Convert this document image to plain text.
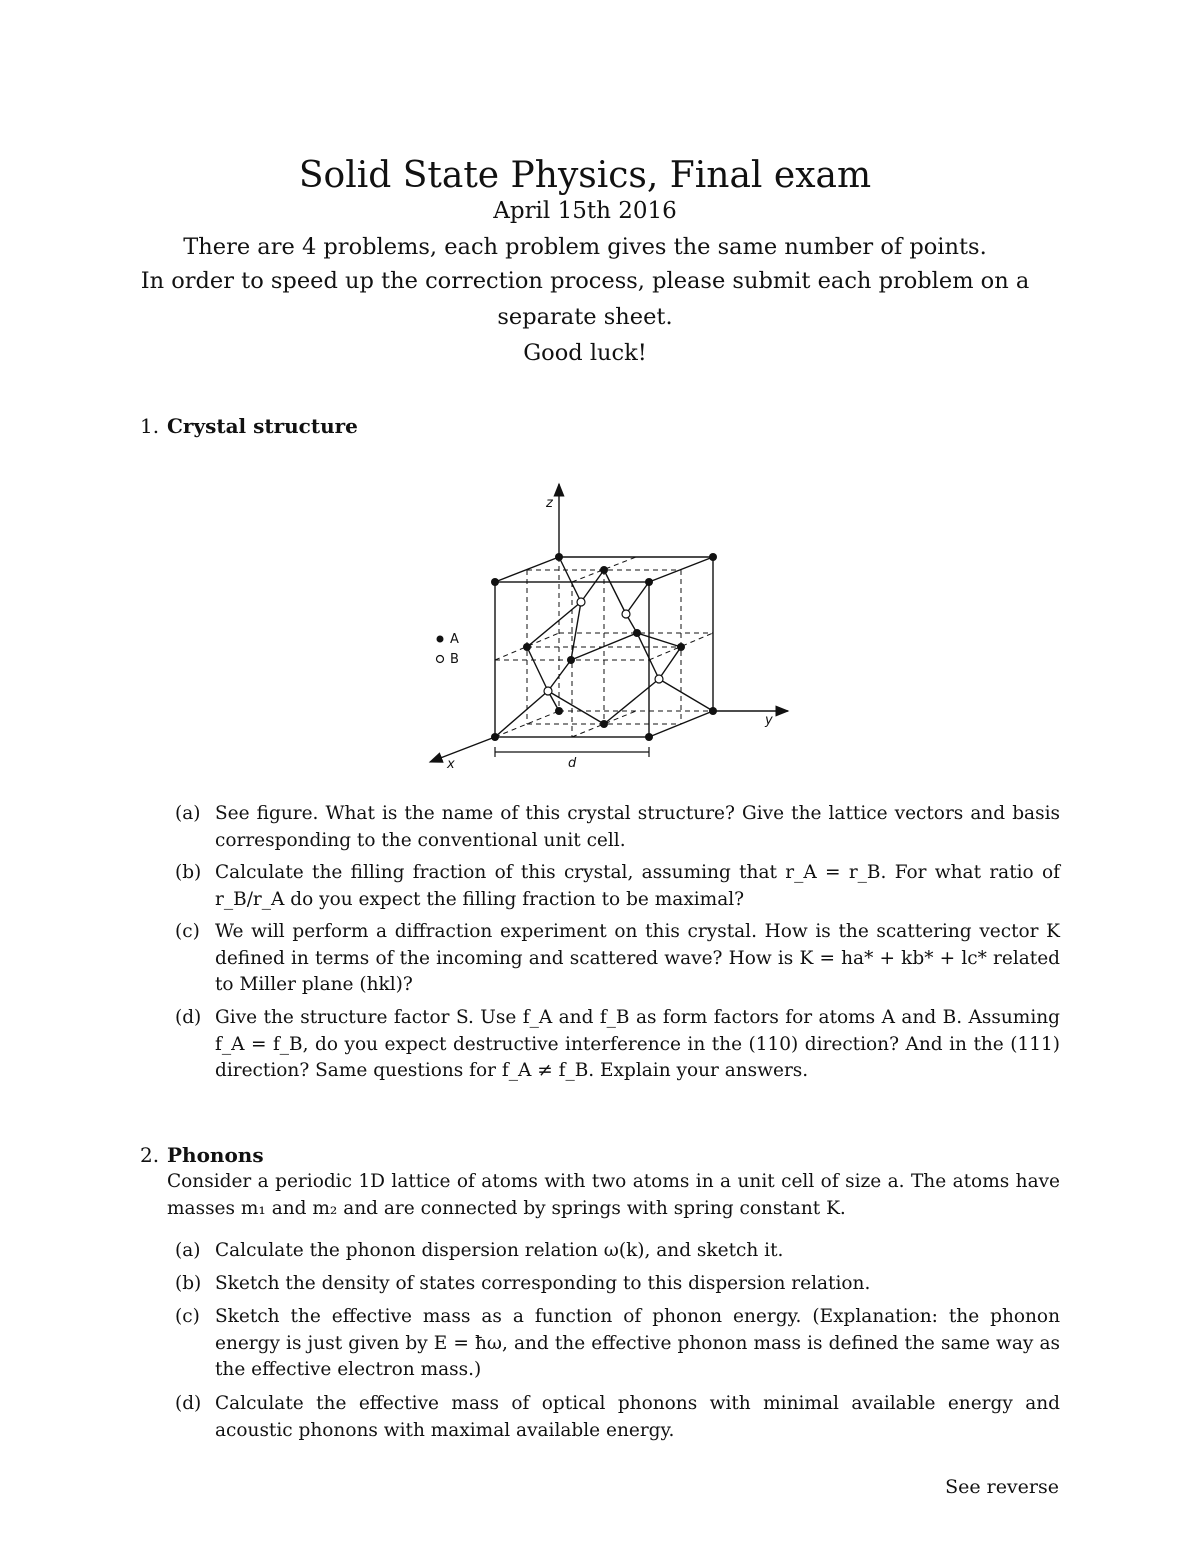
Solid State Physics, Final exam
April 15th 2016
There are 4 problems, each problem gives the same number of points.
In order to speed up the correction process, please submit each problem on a
separate sheet.
Good luck!
1. Crystal structure
A
B
z
y
x	d
(a) See figure. What is the name of this crystal structure? Give the lattice vectors and basis corresponding to the conventional unit cell.
(b) Calculate the filling fraction of this crystal, assuming that r_A = r_B. For what ratio of r_B/r_A do you expect the filling fraction to be maximal?
(c) We will perform a diffraction experiment on this crystal. How is the scattering vector K defined in terms of the incoming and scattered wave? How is K = ha* + kb* + lc* related to Miller plane (hkl)?
(d) Give the structure factor S. Use f_A and f_B as form factors for atoms A and B. Assuming f_A = f_B, do you expect destructive interference in the (110) direction? And in the (111) direction? Same questions for f_A ≠ f_B. Explain your answers.
2. Phonons
Consider a periodic 1D lattice of atoms with two atoms in a unit cell of size a. The atoms have masses m₁ and m₂ and are connected by springs with spring constant K.
(a) Calculate the phonon dispersion relation ω(k), and sketch it.
(b) Sketch the density of states corresponding to this dispersion relation.
(c) Sketch the effective mass as a function of phonon energy. (Explanation: the phonon energy is just given by E = ħω, and the effective phonon mass is defined the same way as the effective electron mass.)
(d) Calculate the effective mass of optical phonons with minimal available energy and acoustic phonons with maximal available energy.
See reverse
